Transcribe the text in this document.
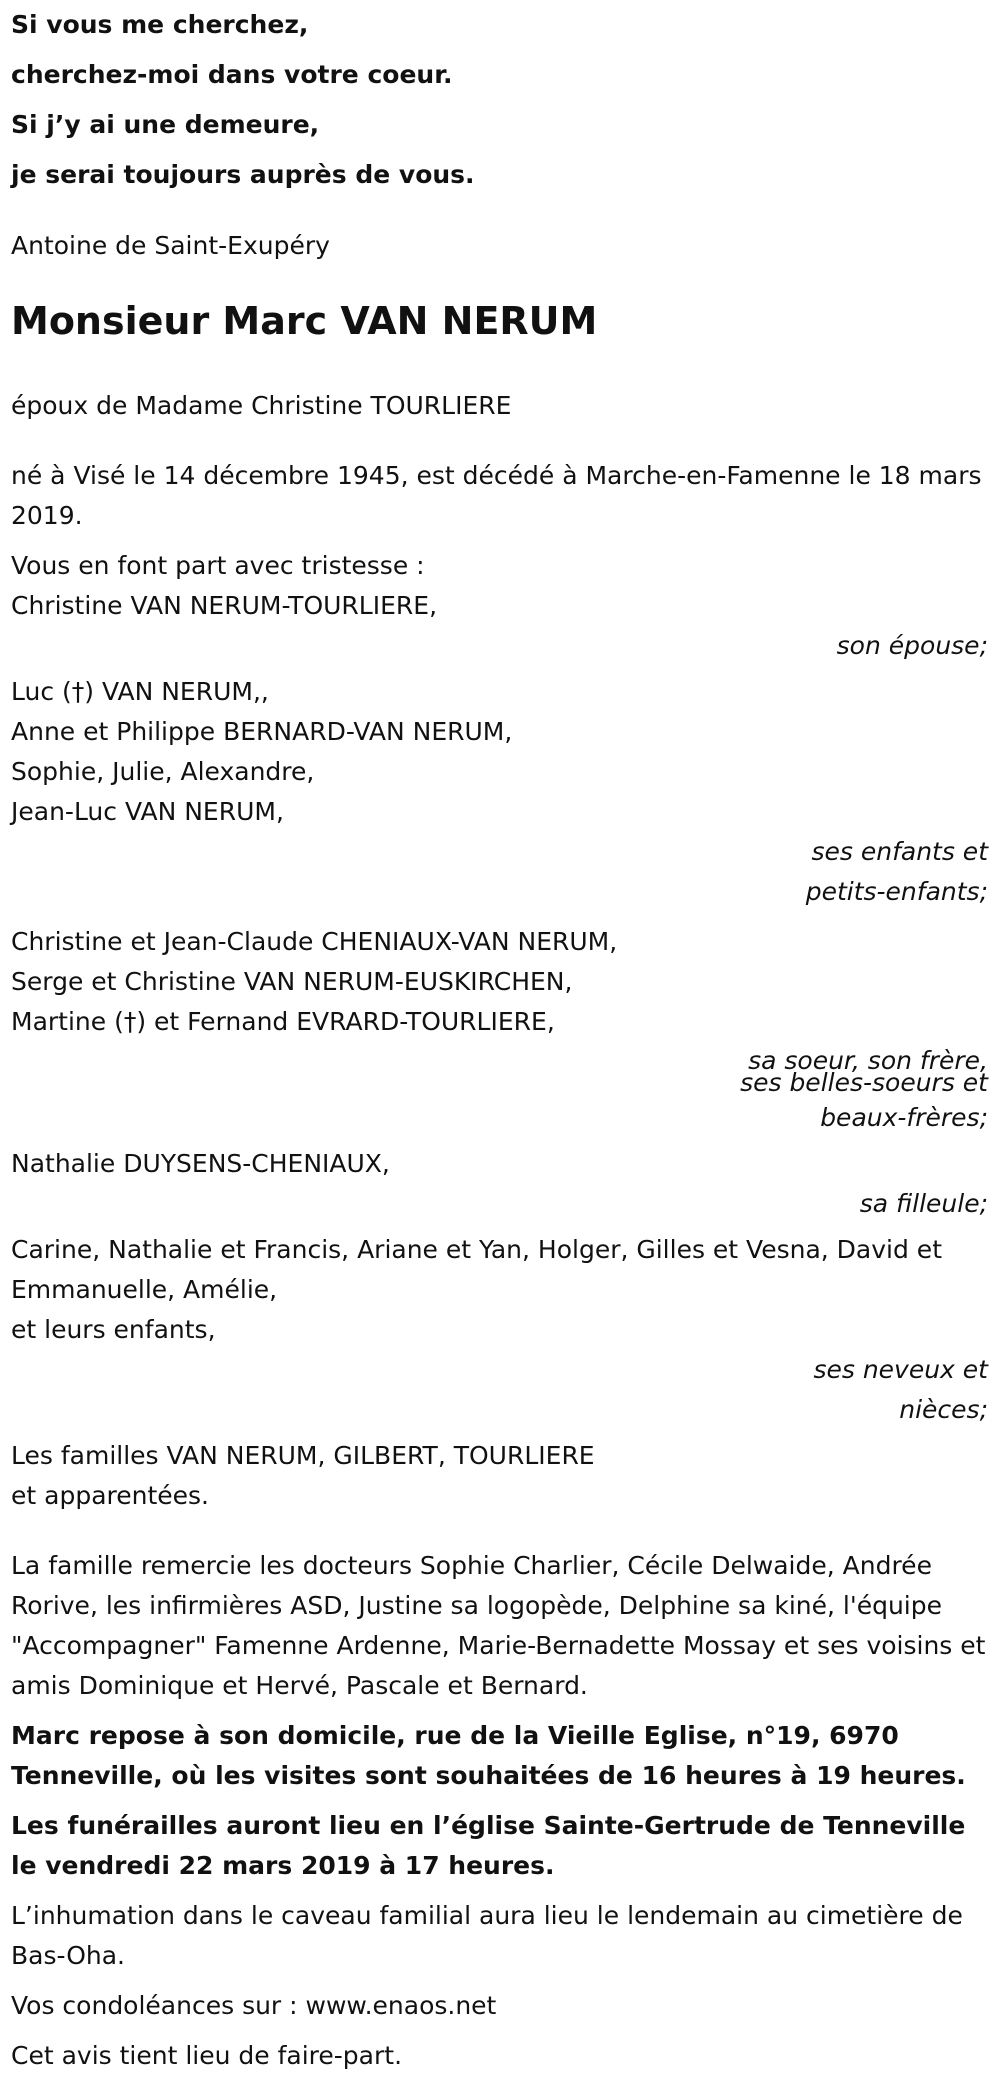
Si vous me cherchez,
cherchez-moi dans votre coeur.
Si j’y ai une demeure,
je serai toujours auprès de vous.
Antoine de Saint-Exupéry
Monsieur Marc VAN NERUM
époux de Madame Christine TOURLIERE
né à Visé le 14 décembre 1945, est décédé à Marche-en-Famenne le 18 mars 2019.
Vous en font part avec tristesse :
Christine VAN NERUM-TOURLIERE,
son épouse;
Luc (†) VAN NERUM,,
Anne et Philippe BERNARD-VAN NERUM,
Sophie, Julie, Alexandre,
Jean-Luc VAN NERUM,
ses enfants et
petits-enfants;
Christine et Jean-Claude CHENIAUX-VAN NERUM,
Serge et Christine VAN NERUM-EUSKIRCHEN,
Martine (†) et Fernand EVRARD-TOURLIERE,
sa soeur, son frère,
ses belles-soeurs et
beaux-frères;
Nathalie DUYSENS-CHENIAUX,
sa filleule;
Carine, Nathalie et Francis, Ariane et Yan, Holger, Gilles et Vesna, David et Emmanuelle, Amélie,
et leurs enfants,
ses neveux et
nièces;
Les familles VAN NERUM, GILBERT, TOURLIERE
et apparentées.
La famille remercie les docteurs Sophie Charlier, Cécile Delwaide, Andrée Rorive, les infirmières ASD, Justine sa logopède, Delphine sa kiné, l'équipe "Accompagner" Famenne Ardenne, Marie-Bernadette Mossay et ses voisins et amis Dominique et Hervé, Pascale et Bernard.
Marc repose à son domicile, rue de la Vieille Eglise, n°19, 6970 Tenneville, où les visites sont souhaitées de 16 heures à 19 heures.
Les funérailles auront lieu en l’église Sainte-Gertrude de Tenneville le vendredi 22 mars 2019 à 17 heures.
L’inhumation dans le caveau familial aura lieu le lendemain au cimetière de Bas-Oha.
Vos condoléances sur : www.enaos.net
Cet avis tient lieu de faire-part.
